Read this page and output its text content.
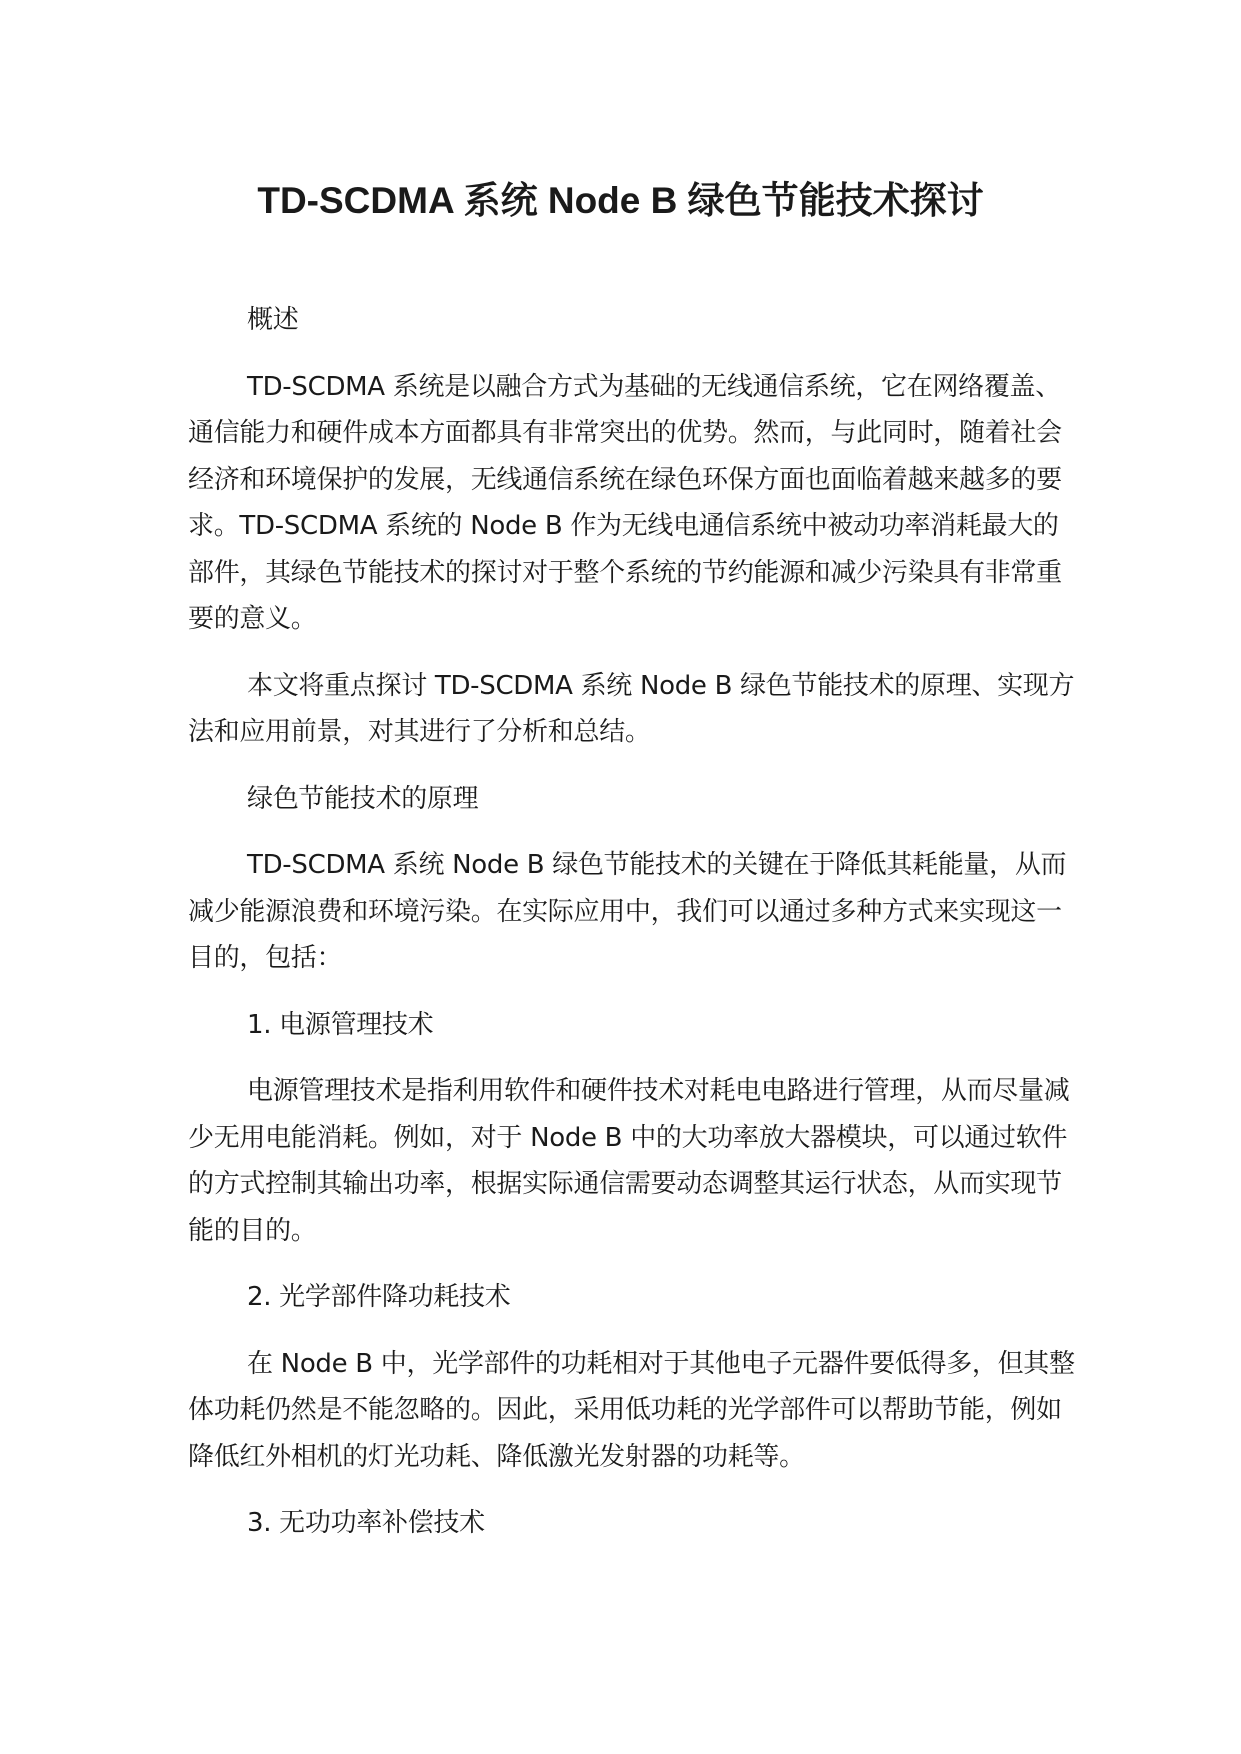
TD-SCDMA 系统 Node B 绿色节能技术探讨

概述

TD-SCDMA 系统是以融合方式为基础的无线通信系统，它在网络覆盖、通信能力和硬件成本方面都具有非常突出的优势。然而，与此同时，随着社会经济和环境保护的发展，无线通信系统在绿色环保方面也面临着越来越多的要求。TD-SCDMA 系统的 Node B 作为无线电通信系统中被动功率消耗最大的部件，其绿色节能技术的探讨对于整个系统的节约能源和减少污染具有非常重要的意义。

本文将重点探讨 TD-SCDMA 系统 Node B 绿色节能技术的原理、实现方法和应用前景，对其进行了分析和总结。

绿色节能技术的原理

TD-SCDMA 系统 Node B 绿色节能技术的关键在于降低其耗能量，从而减少能源浪费和环境污染。在实际应用中，我们可以通过多种方式来实现这一目的，包括：

1. 电源管理技术

电源管理技术是指利用软件和硬件技术对耗电电路进行管理，从而尽量减少无用电能消耗。例如，对于 Node B 中的大功率放大器模块，可以通过软件的方式控制其输出功率，根据实际通信需要动态调整其运行状态，从而实现节能的目的。

2. 光学部件降功耗技术

在 Node B 中，光学部件的功耗相对于其他电子元器件要低得多，但其整体功耗仍然是不能忽略的。因此，采用低功耗的光学部件可以帮助节能，例如降低红外相机的灯光功耗、降低激光发射器的功耗等。

3. 无功功率补偿技术
